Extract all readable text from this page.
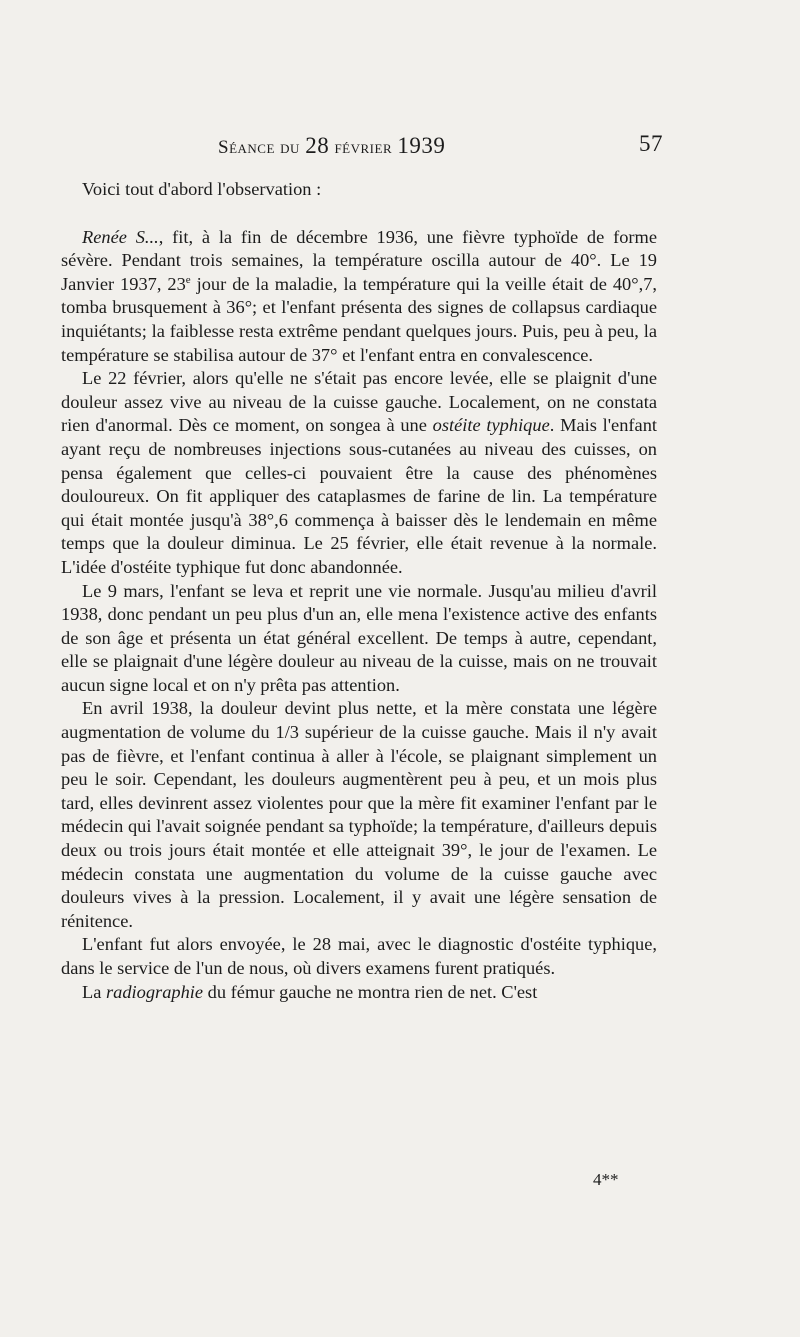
Séance du 28 février 1939	57

Voici tout d'abord l'observation :

Renée S..., fit, à la fin de décembre 1936, une fièvre typhoïde de forme sévère. Pendant trois semaines, la température oscilla autour de 40°. Le 19 Janvier 1937, 23e jour de la maladie, la température qui la veille était de 40°,7, tomba brusquement à 36°; et l'enfant présenta des signes de collapsus cardiaque inquiétants; la faiblesse resta extrême pendant quelques jours. Puis, peu à peu, la température se stabilisa autour de 37° et l'enfant entra en convalescence.

Le 22 février, alors qu'elle ne s'était pas encore levée, elle se plaignit d'une douleur assez vive au niveau de la cuisse gauche. Localement, on ne constata rien d'anormal. Dès ce moment, on songea à une ostéite typhique. Mais l'enfant ayant reçu de nombreuses injections sous-cutanées au niveau des cuisses, on pensa également que celles-ci pouvaient être la cause des phénomènes douloureux. On fit appliquer des cataplasmes de farine de lin. La température qui était montée jusqu'à 38°,6 commença à baisser dès le lendemain en même temps que la douleur diminua. Le 25 février, elle était revenue à la normale. L'idée d'ostéite typhique fut donc abandonnée.

Le 9 mars, l'enfant se leva et reprit une vie normale. Jusqu'au milieu d'avril 1938, donc pendant un peu plus d'un an, elle mena l'existence active des enfants de son âge et présenta un état général excellent. De temps à autre, cependant, elle se plaignait d'une légère douleur au niveau de la cuisse, mais on ne trouvait aucun signe local et on n'y prêta pas attention.

En avril 1938, la douleur devint plus nette, et la mère constata une légère augmentation de volume du 1/3 supérieur de la cuisse gauche. Mais il n'y avait pas de fièvre, et l'enfant continua à aller à l'école, se plaignant simplement un peu le soir. Cependant, les douleurs augmentèrent peu à peu, et un mois plus tard, elles devinrent assez violentes pour que la mère fit examiner l'enfant par le médecin qui l'avait soignée pendant sa typhoïde; la température, d'ailleurs depuis deux ou trois jours était montée et elle atteignait 39°, le jour de l'examen. Le médecin constata une augmentation du volume de la cuisse gauche avec douleurs vives à la pression. Localement, il y avait une légère sensation de rénitence.

L'enfant fut alors envoyée, le 28 mai, avec le diagnostic d'ostéite typhique, dans le service de l'un de nous, où divers examens furent pratiqués.

La radiographie du fémur gauche ne montra rien de net. C'est

4**
